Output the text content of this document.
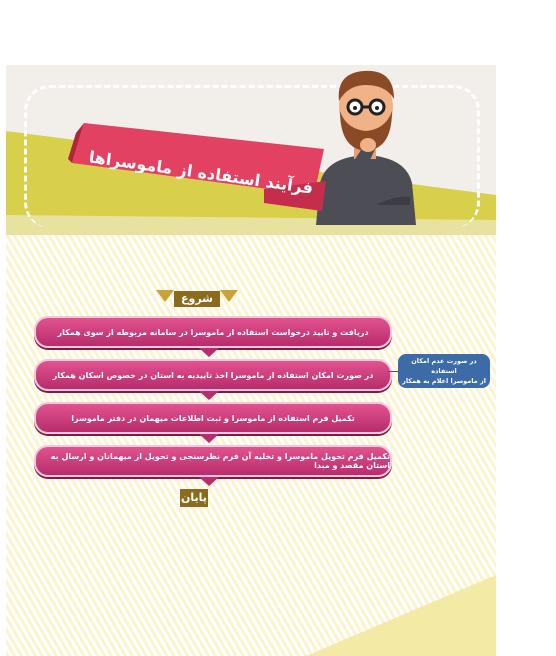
فرآیند استفاده از ماموسراها
شروع
دریافت و تایید درخواست استفاده از ماموسرا در سامانه مربوطه از سوی همکار
در صورت امکان استفاده از ماموسرا اخذ تاییدیه به استان در خصوص اسکان همکار
در صورت عدم امکان استفاده
از ماموسرا اعلام به همکار
تکمیل فرم استفاده از ماموسرا و ثبت اطلاعات میهمان در دفتر ماموسرا
تکمیل فرم تحویل ماموسرا و تخلیه آن فرم نظرسنجی و تحویل از میهمانان و ارسال به استان مقصد و مبدا
پایان
